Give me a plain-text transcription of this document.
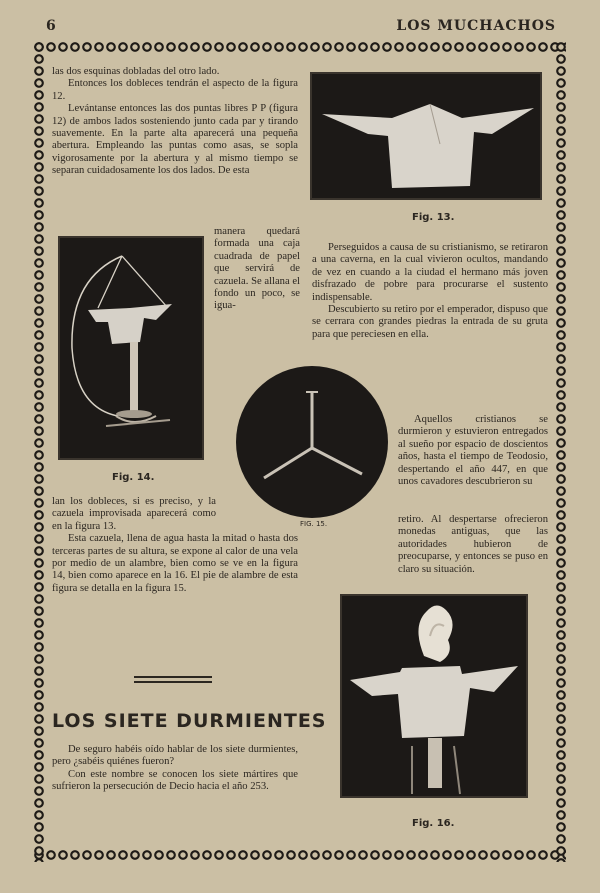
6	LOS MUCHACHOS

las dos esquinas dobladas del otro lado.

Entonces los dobleces tendrán el aspecto de la figura 12.

Levántanse entonces las dos puntas libres P P (figura 12) de ambos lados sosteniendo junto cada par y tirando suavemente. En la parte alta aparecerá una pequeña abertura. Empleando las puntas como asas, se sopla vigorosamente por la abertura y al mismo tiempo se separan cuidadosamente los dos lados. De esta

Fig. 14.

manera quedará formada una caja cuadrada de papel que servirá de cazuela. Se allana el fondo un poco, se igua-

FIG. 15.

lan los dobleces, si es preciso, y la cazuela improvisada aparecerá como en la figura 13.

Esta cazuela, llena de agua hasta la mitad o hasta dos terceras partes de su altura, se expone al calor de una vela por medio de un alambre, bien como se ve en la figura 14, bien como aparece en la 16. El pie de alambre de esta figura se detalla en la figura 15.

LOS SIETE DURMIENTES

De seguro habéis oído hablar de los siete durmientes, pero ¿sabéis quiénes fueron?

Con este nombre se conocen los siete mártires que sufrieron la persecución de Decio hacia el año 253.

Fig. 13.

Perseguidos a causa de su cristianismo, se retiraron a una caverna, en la cual vivieron ocultos, mandando de vez en cuando a la ciudad el hermano más joven disfrazado de pobre para procurarse el sustento indispensable.

Descubierto su retiro por el emperador, dispuso que se cerrara con grandes piedras la entrada de su gruta para que pereciesen en ella.

Aquellos cristianos se durmieron y estuvieron entregados al sueño por espacio de doscientos años, hasta el tiempo de Teodosio, despertando el año 447, en que unos cavadores descubrieron su

retiro. Al despertarse ofrecieron monedas antiguas, que las autoridades hubieron de preocuparse, y entonces se puso en claro su situación.

Fig. 16.
